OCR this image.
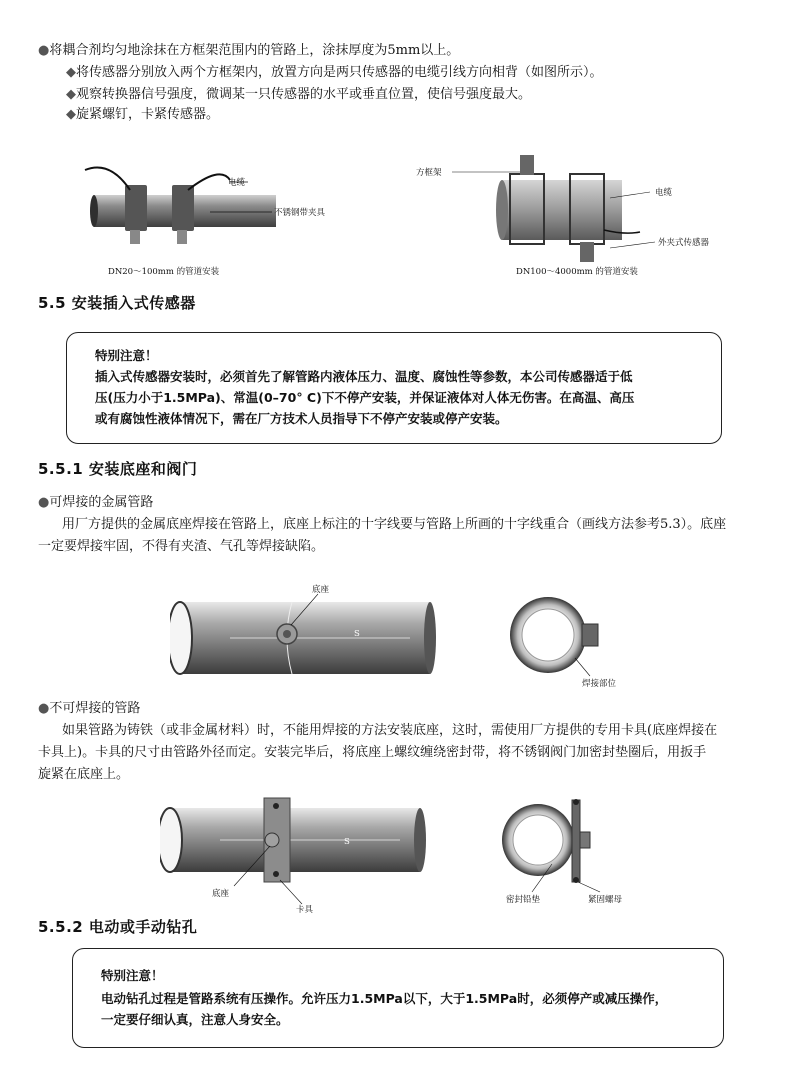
●将耦合剂均匀地涂抹在方框架范围内的管路上，涂抹厚度为5mm以上。
◆将传感器分别放入两个方框架内，放置方向是两只传感器的电缆引线方向相背（如图所示）。
◆观察转换器信号强度，微调某一只传感器的水平或垂直位置，使信号强度最大。
◆旋紧螺钉，卡紧传感器。
电缆
不锈钢带夹具
DN20～100mm 的管道安装
方框架
电缆
外夹式传感器
DN100～4000mm 的管道安装
5.5 安装插入式传感器
特别注意！
插入式传感器安装时，必须首先了解管路内液体压力、温度、腐蚀性等参数，本公司传感器适于低
压(压力小于1.5MPa)、常温(0–70° C)下不停产安装，并保证液体对人体无伤害。在高温、高压
或有腐蚀性液体情况下，需在厂方技术人员指导下不停产安装或停产安装。
5.5.1 安装底座和阀门
●可焊接的金属管路
用厂方提供的金属底座焊接在管路上，底座上标注的十字线要与管路上所画的十字线重合（画线方法参考5.3）。底座
一定要焊接牢固，不得有夹渣、气孔等焊接缺陷。
底座
S
焊接部位
●不可焊接的管路
如果管路为铸铁（或非金属材料）时，不能用焊接的方法安装底座，这时，需使用厂方提供的专用卡具(底座焊接在
卡具上)。卡具的尺寸由管路外径而定。安装完毕后，将底座上螺纹缠绕密封带，将不锈钢阀门加密封垫圈后，用扳手
旋紧在底座上。
S
底座
卡具
密封铅垫	紧固螺母
5.5.2 电动或手动钻孔
特别注意！
电动钻孔过程是管路系统有压操作。允许压力1.5MPa以下，大于1.5MPa时，必须停产或减压操作，
一定要仔细认真，注意人身安全。
